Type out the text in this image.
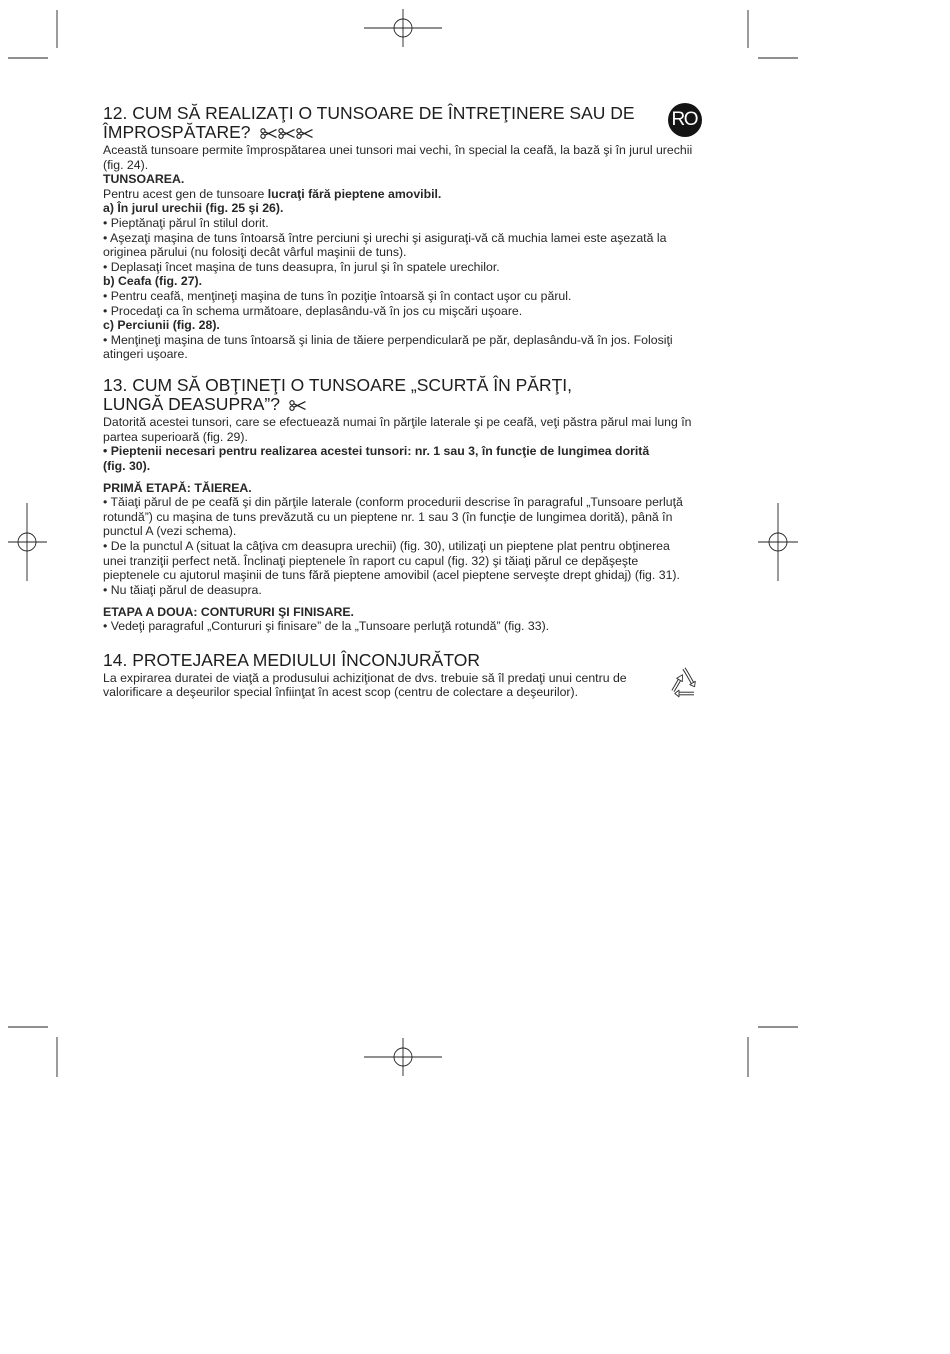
RO
12. CUM SĂ REALIZAŢI O TUNSOARE DE ÎNTREŢINERE SAU DE
ÎMPROSPĂTARE?
Această tunsoare permite împrospătarea unei tunsori mai vechi, în special la ceafă, la bază şi în jurul urechii
(fig. 24).
TUNSOAREA.
Pentru acest gen de tunsoare lucraţi fără pieptene amovibil.
a) În jurul urechii (fig. 25 şi 26).
• Pieptănaţi părul în stilul dorit.
• Aşezaţi maşina de tuns întoarsă între perciuni şi urechi şi asiguraţi-vă că muchia lamei este aşezată la
originea părului (nu folosiţi decât vârful maşinii de tuns).
• Deplasaţi încet maşina de tuns deasupra, în jurul şi în spatele urechilor.
b) Ceafa (fig. 27).
• Pentru ceafă, menţineţi maşina de tuns în poziţie întoarsă şi în contact uşor cu părul.
• Procedaţi ca în schema următoare, deplasându-vă în jos cu mişcări uşoare.
c) Perciunii (fig. 28).
• Menţineţi maşina de tuns întoarsă şi linia de tăiere perpendiculară pe păr, deplasându-vă în jos. Folosiţi
atingeri uşoare.
13. CUM SĂ OBŢINEŢI O TUNSOARE „SCURTĂ ÎN PĂRŢI,
LUNGĂ DEASUPRA”?
Datorită acestei tunsori, care se efectuează numai în părţile laterale şi pe ceafă, veţi păstra părul mai lung în
partea superioară (fig. 29).
• Pieptenii necesari pentru realizarea acestei tunsori: nr. 1 sau 3, în funcţie de lungimea dorită
(fig. 30).
PRIMĂ ETAPĂ: TĂIEREA.
• Tăiaţi părul de pe ceafă şi din părţile laterale (conform procedurii descrise în paragraful „Tunsoare perluţă
rotundă”) cu maşina de tuns prevăzută cu un pieptene nr. 1 sau 3 (în funcţie de lungimea dorită), până în
punctul A (vezi schema).
• De la punctul A (situat la câţiva cm deasupra urechii) (fig. 30), utilizaţi un pieptene plat pentru obţinerea
unei tranziţii perfect netă. Înclinaţi pieptenele în raport cu capul (fig. 32) şi tăiaţi părul ce depăşeşte
pieptenele cu ajutorul maşinii de tuns fără pieptene amovibil (acel pieptene serveşte drept ghidaj) (fig. 31).
• Nu tăiaţi părul de deasupra.
ETAPA A DOUA: CONTURURI ŞI FINISARE.
• Vedeţi paragraful „Contururi şi finisare” de la „Tunsoare perluţă rotundă” (fig. 33).
14. PROTEJAREA MEDIULUI ÎNCONJURĂTOR
La expirarea duratei de viaţă a produsului achiziţionat de dvs. trebuie să îl predaţi unui centru de
valorificare a deşeurilor special înfiinţat în acest scop (centru de colectare a deşeurilor).
